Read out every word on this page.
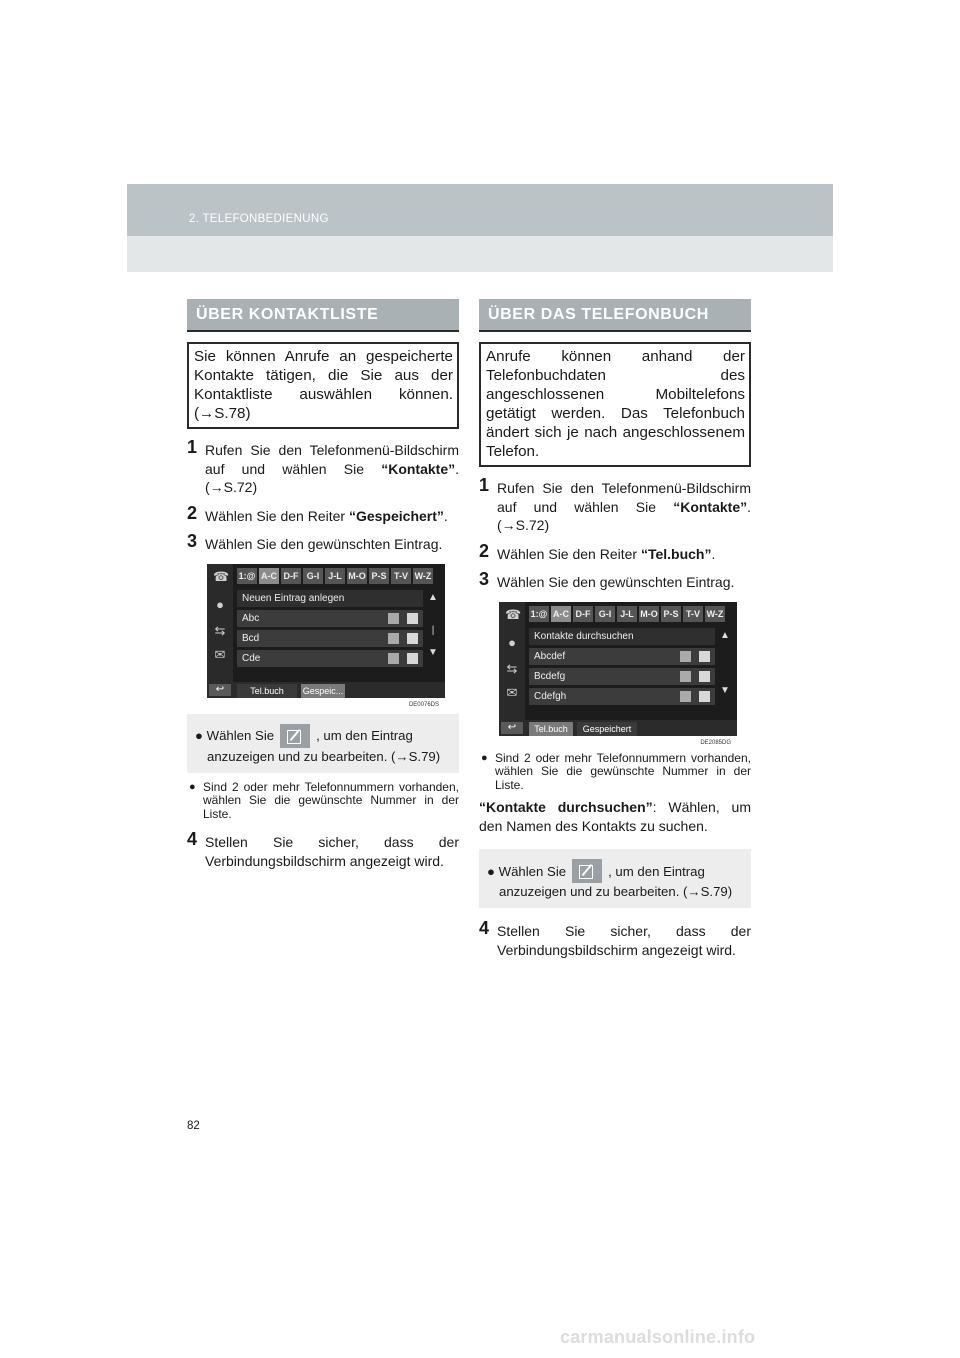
2. TELEFONBEDIENUNG
ÜBER KONTAKTLISTE
Sie können Anrufe an gespeicherte Kontakte tätigen, die Sie aus der Kontaktliste auswählen können. (→S.78)
1 Rufen Sie den Telefonmenü-Bildschirm auf und wählen Sie “Kontakte”. (→S.72)
2 Wählen Sie den Reiter “Gespeichert”.
3 Wählen Sie den gewünschten Eintrag.
☎
●
⇆
✉
1:@ A-C D-F G-I	J-L M-O P-S T-V W-Z
Neuen Eintrag anlegen
Abc
Bcd
Cde
▲

|

▼
↩	Tel.buch	Gespeic...
DE0076DS
● Wählen Sie	, um den Eintrag
anzuzeigen und zu bearbeiten. (→S.79)
● Sind 2 oder mehr Telefonnummern vorhanden, wählen Sie die gewünschte Nummer in der Liste.
4 Stellen Sie sicher, dass der Verbindungsbildschirm angezeigt wird.
ÜBER DAS TELEFONBUCH
Anrufe können anhand der Telefonbuchdaten des angeschlossenen Mobiltelefons getätigt werden. Das Telefonbuch ändert sich je nach angeschlossenem Telefon.
1 Rufen Sie den Telefonmenü-Bildschirm auf und wählen Sie “Kontakte”. (→S.72)
2 Wählen Sie den Reiter “Tel.buch”.
3 Wählen Sie den gewünschten Eintrag.
☎
●
⇆
✉
1:@ A-C D-F G-I	J-L M-O P-S T-V W-Z
Kontakte durchsuchen
Abcdef
Bcdefg
Cdefgh
▲

▼
↩	Tel.buch	Gespeichert
DE2085DG
● Sind 2 oder mehr Telefonnummern vorhanden, wählen Sie die gewünschte Nummer in der Liste.
“Kontakte durchsuchen”: Wählen, um den Namen des Kontakts zu suchen.
● Wählen Sie	, um den Eintrag
anzuzeigen und zu bearbeiten. (→S.79)
4 Stellen Sie sicher, dass der Verbindungsbildschirm angezeigt wird.
82
carmanualsonline.info
